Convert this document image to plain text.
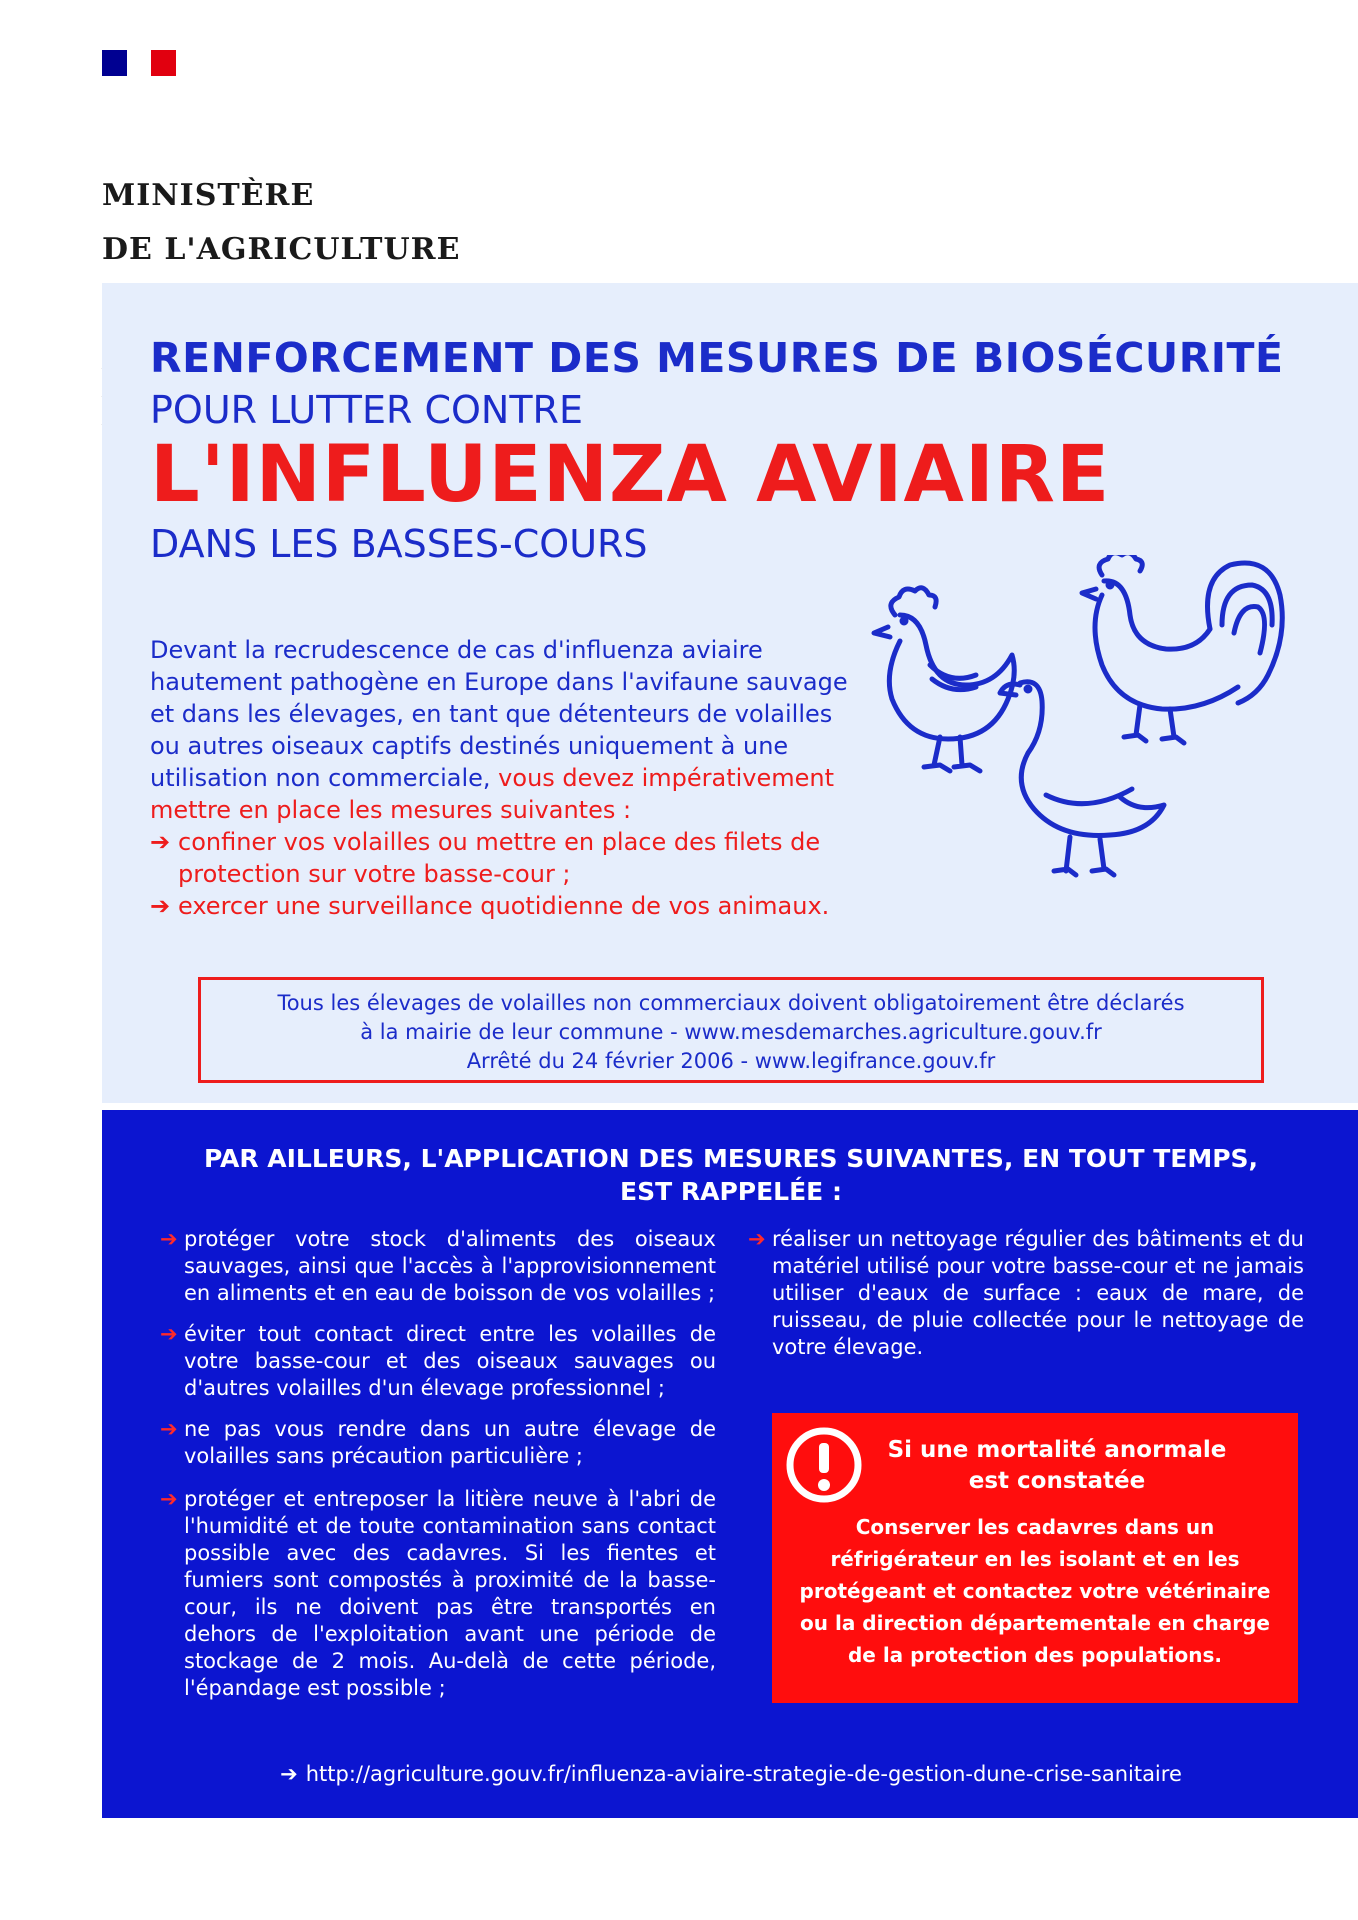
MINISTÈRE
DE L'AGRICULTURE
RENFORCEMENT DES MESURES DE BIOSÉCURITÉ
POUR LUTTER CONTRE
L'INFLUENZA AVIAIRE
DANS LES BASSES-COURS
Devant la recrudescence de cas d'influenza aviaire hautement pathogène en Europe dans l'avifaune sauvage et dans les élevages, en tant que détenteurs de volailles ou autres oiseaux captifs destinés uniquement à une utilisation non commerciale, vous devez impérativement mettre en place les mesures suivantes :
➔ confiner vos volailles ou mettre en place des filets de protection sur votre basse-cour ;
➔ exercer une surveillance quotidienne de vos animaux.
Tous les élevages de volailles non commerciaux doivent obligatoirement être déclarés
à la mairie de leur commune - www.mesdemarches.agriculture.gouv.fr
Arrêté du 24 février 2006 - www.legifrance.gouv.fr
PAR AILLEURS, L'APPLICATION DES MESURES SUIVANTES, EN TOUT TEMPS,
EST RAPPELÉE :
➔ protéger votre stock d'aliments des oiseaux sauvages, ainsi que l'accès à l'approvisionnement en aliments et en eau de boisson de vos volailles ;
➔ éviter tout contact direct entre les volailles de votre basse-cour et des oiseaux sauvages ou d'autres volailles d'un élevage professionnel ;
➔ ne pas vous rendre dans un autre élevage de volailles sans précaution particulière ;
➔ protéger et entreposer la litière neuve à l'abri de l'humidité et de toute contamination sans contact possible avec des cadavres. Si les fientes et fumiers sont compostés à proximité de la basse-cour, ils ne doivent pas être transportés en dehors de l'exploitation avant une période de stockage de 2 mois. Au-delà de cette période, l'épandage est possible ;
➔ réaliser un nettoyage régulier des bâtiments et du matériel utilisé pour votre basse-cour et ne jamais utiliser d'eaux de surface : eaux de mare, de ruisseau, de pluie collectée pour le nettoyage de votre élevage.
Si une mortalité anormale
est constatée
Conserver les cadavres dans un réfrigérateur en les isolant et en les protégeant et contactez votre vétérinaire ou la direction départementale en charge de la protection des populations.
➔ http://agriculture.gouv.fr/influenza-aviaire-strategie-de-gestion-dune-crise-sanitaire
